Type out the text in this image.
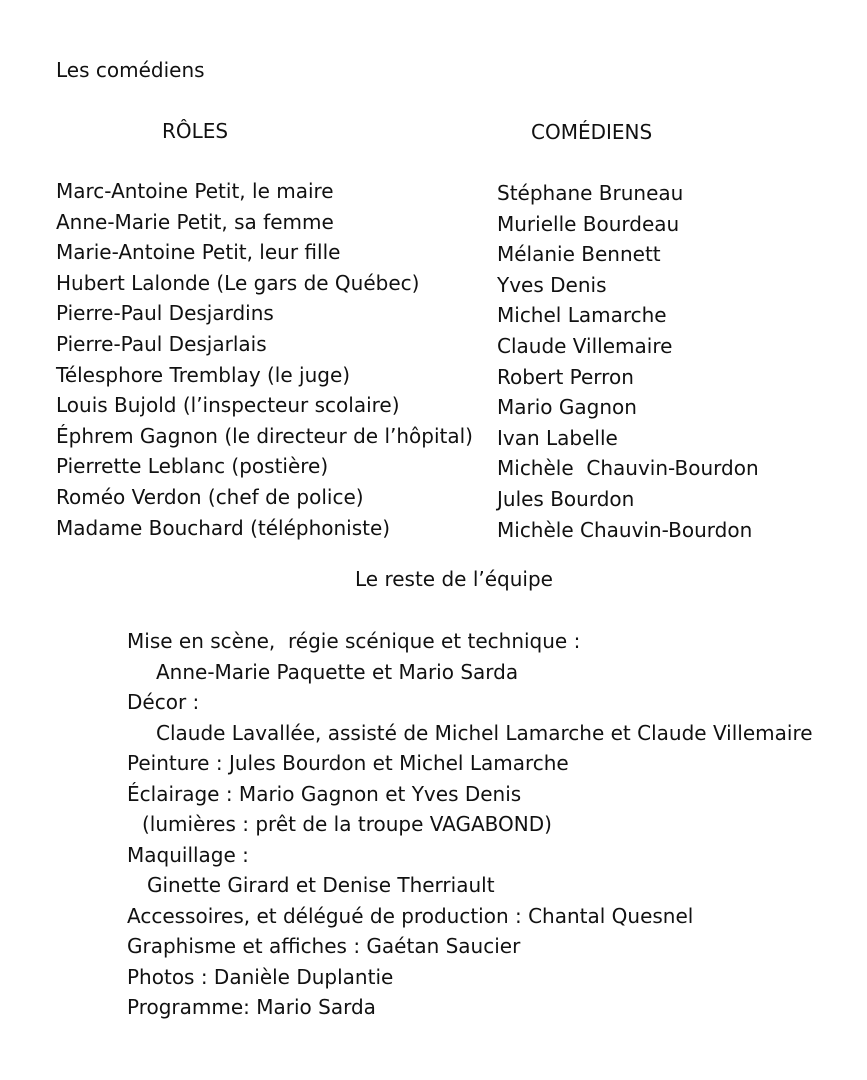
Les comédiens
RÔLES	COMÉDIENS
Marc-Antoine Petit, le maire
Anne-Marie Petit, sa femme
Marie-Antoine Petit, leur fille
Hubert Lalonde (Le gars de Québec)
Pierre-Paul Desjardins
Pierre-Paul Desjarlais
Télesphore Tremblay (le juge)
Louis Bujold (l’inspecteur scolaire)
Éphrem Gagnon (le directeur de l’hôpital)
Pierrette Leblanc (postière)
Roméo Verdon (chef de police)
Madame Bouchard (téléphoniste)
Stéphane Bruneau
Murielle Bourdeau
Mélanie Bennett
Yves Denis
Michel Lamarche
Claude Villemaire
Robert Perron
Mario Gagnon
Ivan Labelle
Michèle  Chauvin-Bourdon
Jules Bourdon
Michèle Chauvin-Bourdon
Le reste de l’équipe
Mise en scène,  régie scénique et technique :
Anne-Marie Paquette et Mario Sarda
Décor :
Claude Lavallée, assisté de Michel Lamarche et Claude Villemaire
Peinture : Jules Bourdon et Michel Lamarche
Éclairage : Mario Gagnon et Yves Denis
(lumières : prêt de la troupe VAGABOND)
Maquillage :
Ginette Girard et Denise Therriault
Accessoires, et délégué de production : Chantal Quesnel
Graphisme et affiches : Gaétan Saucier
Photos : Danièle Duplantie
Programme: Mario Sarda
